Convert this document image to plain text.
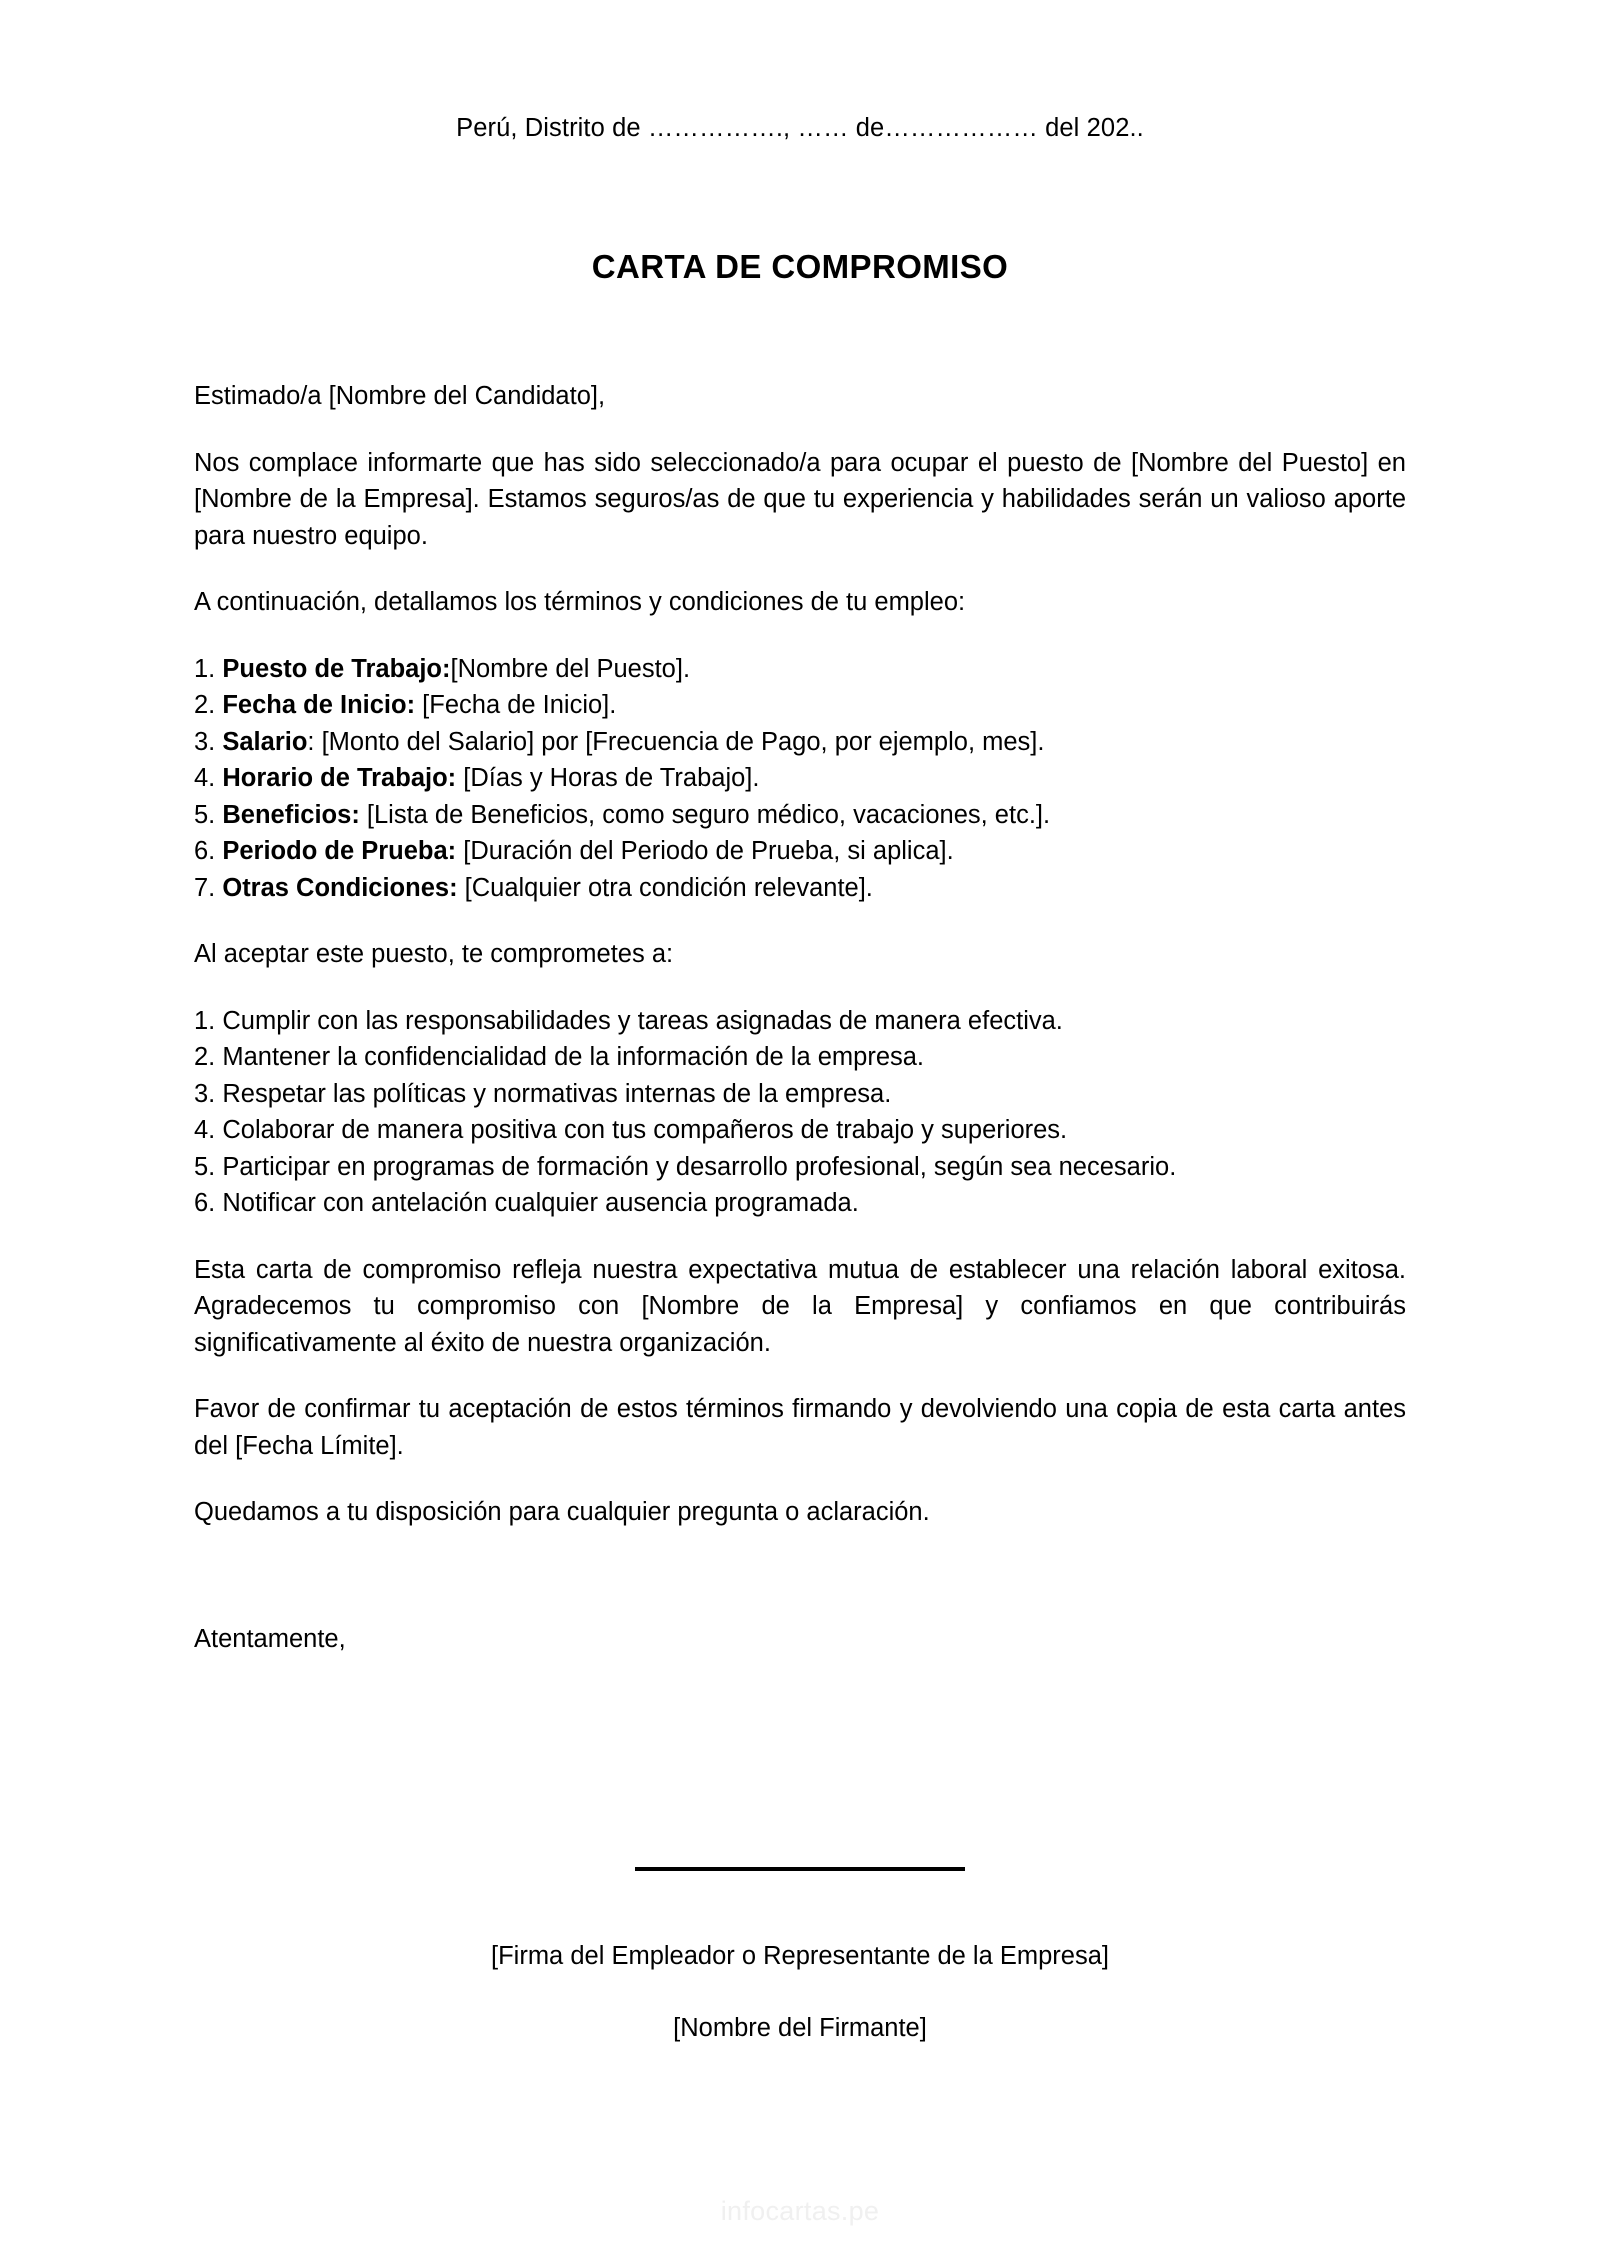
Perú, Distrito de ……………., …… de……………… del 202..
CARTA DE COMPROMISO

Estimado/a [Nombre del Candidato],

Nos complace informarte que has sido seleccionado/a para ocupar el puesto de [Nombre del Puesto] en [Nombre de la Empresa]. Estamos seguros/as de que tu experiencia y habilidades serán un valioso aporte para nuestro equipo.

A continuación, detallamos los términos y condiciones de tu empleo:

1. Puesto de Trabajo:[Nombre del Puesto].
2. Fecha de Inicio: [Fecha de Inicio].
3. Salario: [Monto del Salario] por [Frecuencia de Pago, por ejemplo, mes].
4. Horario de Trabajo: [Días y Horas de Trabajo].
5. Beneficios: [Lista de Beneficios, como seguro médico, vacaciones, etc.].
6. Periodo de Prueba: [Duración del Periodo de Prueba, si aplica].
7. Otras Condiciones: [Cualquier otra condición relevante].

Al aceptar este puesto, te comprometes a:

1. Cumplir con las responsabilidades y tareas asignadas de manera efectiva.
2. Mantener la confidencialidad de la información de la empresa.
3. Respetar las políticas y normativas internas de la empresa.
4. Colaborar de manera positiva con tus compañeros de trabajo y superiores.
5. Participar en programas de formación y desarrollo profesional, según sea necesario.
6. Notificar con antelación cualquier ausencia programada.

Esta carta de compromiso refleja nuestra expectativa mutua de establecer una relación laboral exitosa. Agradecemos tu compromiso con [Nombre de la Empresa] y confiamos en que contribuirás significativamente al éxito de nuestra organización.

Favor de confirmar tu aceptación de estos términos firmando y devolviendo una copia de esta carta antes del [Fecha Límite].

Quedamos a tu disposición para cualquier pregunta o aclaración.

Atentamente,

[Firma del Empleador o Representante de la Empresa]
[Nombre del Firmante]
infocartas.pe
